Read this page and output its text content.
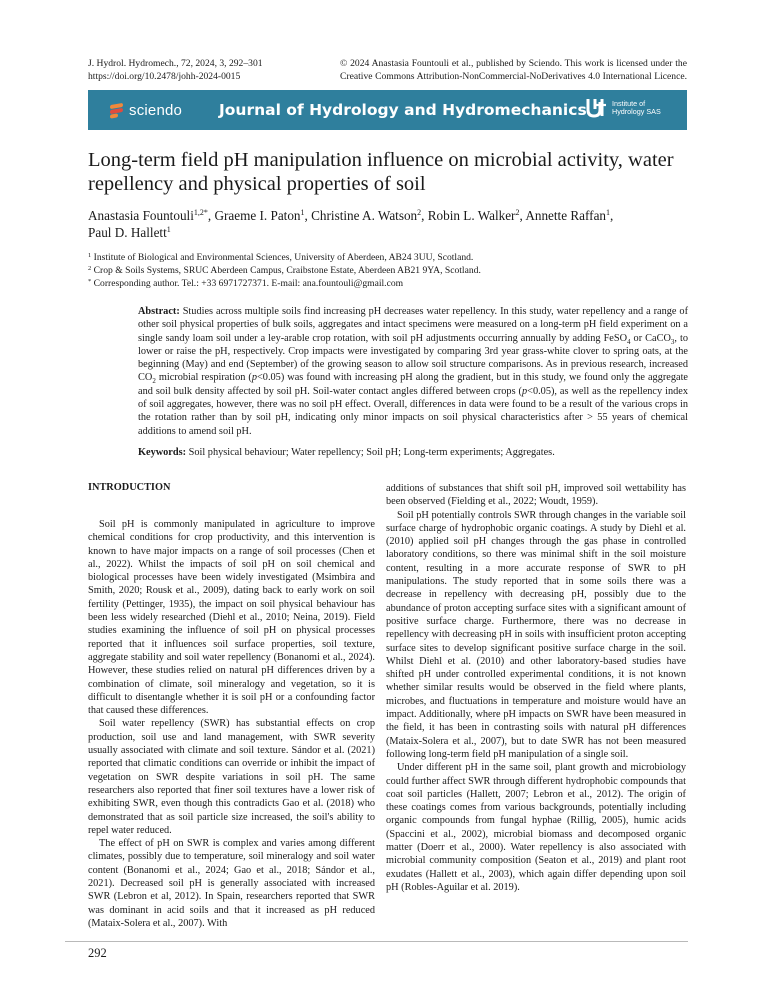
J. Hydrol. Hydromech., 72, 2024, 3, 292–301
https://doi.org/10.2478/johh-2024-0015
© 2024 Anastasia Fountouli et al., published by Sciendo. This work is licensed under the
Creative Commons Attribution-NonCommercial-NoDerivatives 4.0 International Licence.
sciendo Journal of Hydrology and Hydromechanics	Institute of
Hydrology SAS
Long-term field pH manipulation influence on microbial activity, water repellency and physical properties of soil
Anastasia Fountouli$^{1,2*}$, Graeme I. Paton$^1$, Christine A. Watson$^2$, Robin L. Walker$^2$, Annette Raffan$^1$,
Paul D. Hallett$^1$
$^1$ Institute of Biological and Environmental Sciences, University of Aberdeen, AB24 3UU, Scotland.
$^2$ Crop & Soils Systems, SRUC Aberdeen Campus, Craibstone Estate, Aberdeen AB21 9YA, Scotland.
* Corresponding author. Tel.: +33 6971727371. E-mail: ana.fountouli@gmail.com
Abstract: Studies across multiple soils find increasing pH decreases water repellency. In this study, water repellency and a range of other soil physical properties of bulk soils, aggregates and intact specimens were measured on a long-term pH field experiment on a single sandy loam soil under a ley-arable crop rotation, with soil pH adjustments occurring annually by adding FeSO$_4$ or CaCO$_3$, to lower or raise the pH, respectively. Crop impacts were investigated by comparing 3rd year grass-white clover to spring oats, at the beginning (May) and end (September) of the growing season to allow soil structure comparisons. As in previous research, increased $CO_2$ microbial respiration (p<0.05) was found with increasing pH along the gradient, but in this study, we found only the aggregate and soil bulk density affected by soil pH. Soil-water contact angles differed between crops (p<0.05), as well as the repellency index of soil aggregates, however, there was no soil pH effect. Overall, differences in data were found to be a result of the various crops in the rotation rather than by soil pH, indicating only minor impacts on soil physical characteristics after > 55 years of chemical additions to amend soil pH.
Keywords: Soil physical behaviour; Water repellency; Soil pH; Long-term experiments; Aggregates.
INTRODUCTION

Soil pH is commonly manipulated in agriculture to improve chemical conditions for crop productivity, and this intervention is known to have major impacts on a range of soil processes (Chen et al., 2022). Whilst the impacts of soil pH on soil chemical and biological processes have been widely investigated (Msimbira and Smith, 2020; Rousk et al., 2009), dating back to early work on soil fertility (Pettinger, 1935), the impact on soil physical behaviour has been less widely researched (Diehl et al., 2010; Neina, 2019). Field studies examining the influence of soil pH on physical processes reported that it influences soil surface properties, soil texture, aggregate stability and soil water repellency (Bonanomi et al., 2024). However, these studies relied on natural pH differences driven by a combination of climate, soil mineralogy and vegetation, so it is difficult to disentangle whether it is soil pH or a confounding factor that caused these differences.

Soil water repellency (SWR) has substantial effects on crop production, soil use and land management, with SWR severity usually associated with climate and soil texture. Sándor et al. (2021) reported that climatic conditions can override or inhibit the impact of vegetation on SWR despite variations in soil pH. The same researchers also reported that finer soil textures have a lower risk of exhibiting SWR, even though this contradicts Gao et al. (2018) who demonstrated that as soil particle size increased, the soil's ability to repel water reduced.

The effect of pH on SWR is complex and varies among different climates, possibly due to temperature, soil mineralogy and soil water content (Bonanomi et al., 2024; Gao et al., 2018; Sándor et al., 2021). Decreased soil pH is generally associated with increased SWR (Lebron et al, 2012). In Spain, researchers reported that SWR was dominant in acid soils and that it increased as pH reduced (Mataix-Solera et al., 2007). With

additions of substances that shift soil pH, improved soil wettability has been observed (Fielding et al., 2022; Woudt, 1959).

Soil pH potentially controls SWR through changes in the variable soil surface charge of hydrophobic organic coatings. A study by Diehl et al. (2010) applied soil pH changes through the gas phase in controlled laboratory conditions, so there was minimal shift in the soil moisture content, resulting in a more accurate response of SWR to pH manipulations. The study reported that in some soils there was a decrease in repellency with decreasing pH, possibly due to the abundance of proton accepting surface sites with a significant amount of positive surface charge. Furthermore, there was no decrease in repellency with decreasing pH in soils with insufficient proton accepting surface sites to develop significant positive surface charge in the soil. Whilst Diehl et al. (2010) and other laboratory-based studies have shifted pH under controlled experimental conditions, it is not known whether similar results would be observed in the field where plants, microbes, and fluctuations in temperature and moisture would have an impact. Additionally, where pH impacts on SWR have been measured in the field, it has been in contrasting soils with natural pH differences (Mataix-Solera et al., 2007), but to date SWR has not been measured following long-term field pH manipulation of a single soil.

Under different pH in the same soil, plant growth and microbiology could further affect SWR through different hydrophobic compounds that coat soil particles (Hallett, 2007; Lebron et al., 2012). The origin of these coatings comes from various backgrounds, potentially including organic compounds from fungal hyphae (Rillig, 2005), humic acids (Spaccini et al., 2002), microbial biomass and decomposed organic matter (Doerr et al., 2000). Water repellency is also associated with microbial community composition (Seaton et al., 2019) and plant root exudates (Hallett et al., 2003), which again differ depending upon soil pH (Robles-Aguilar et al. 2019).

292
